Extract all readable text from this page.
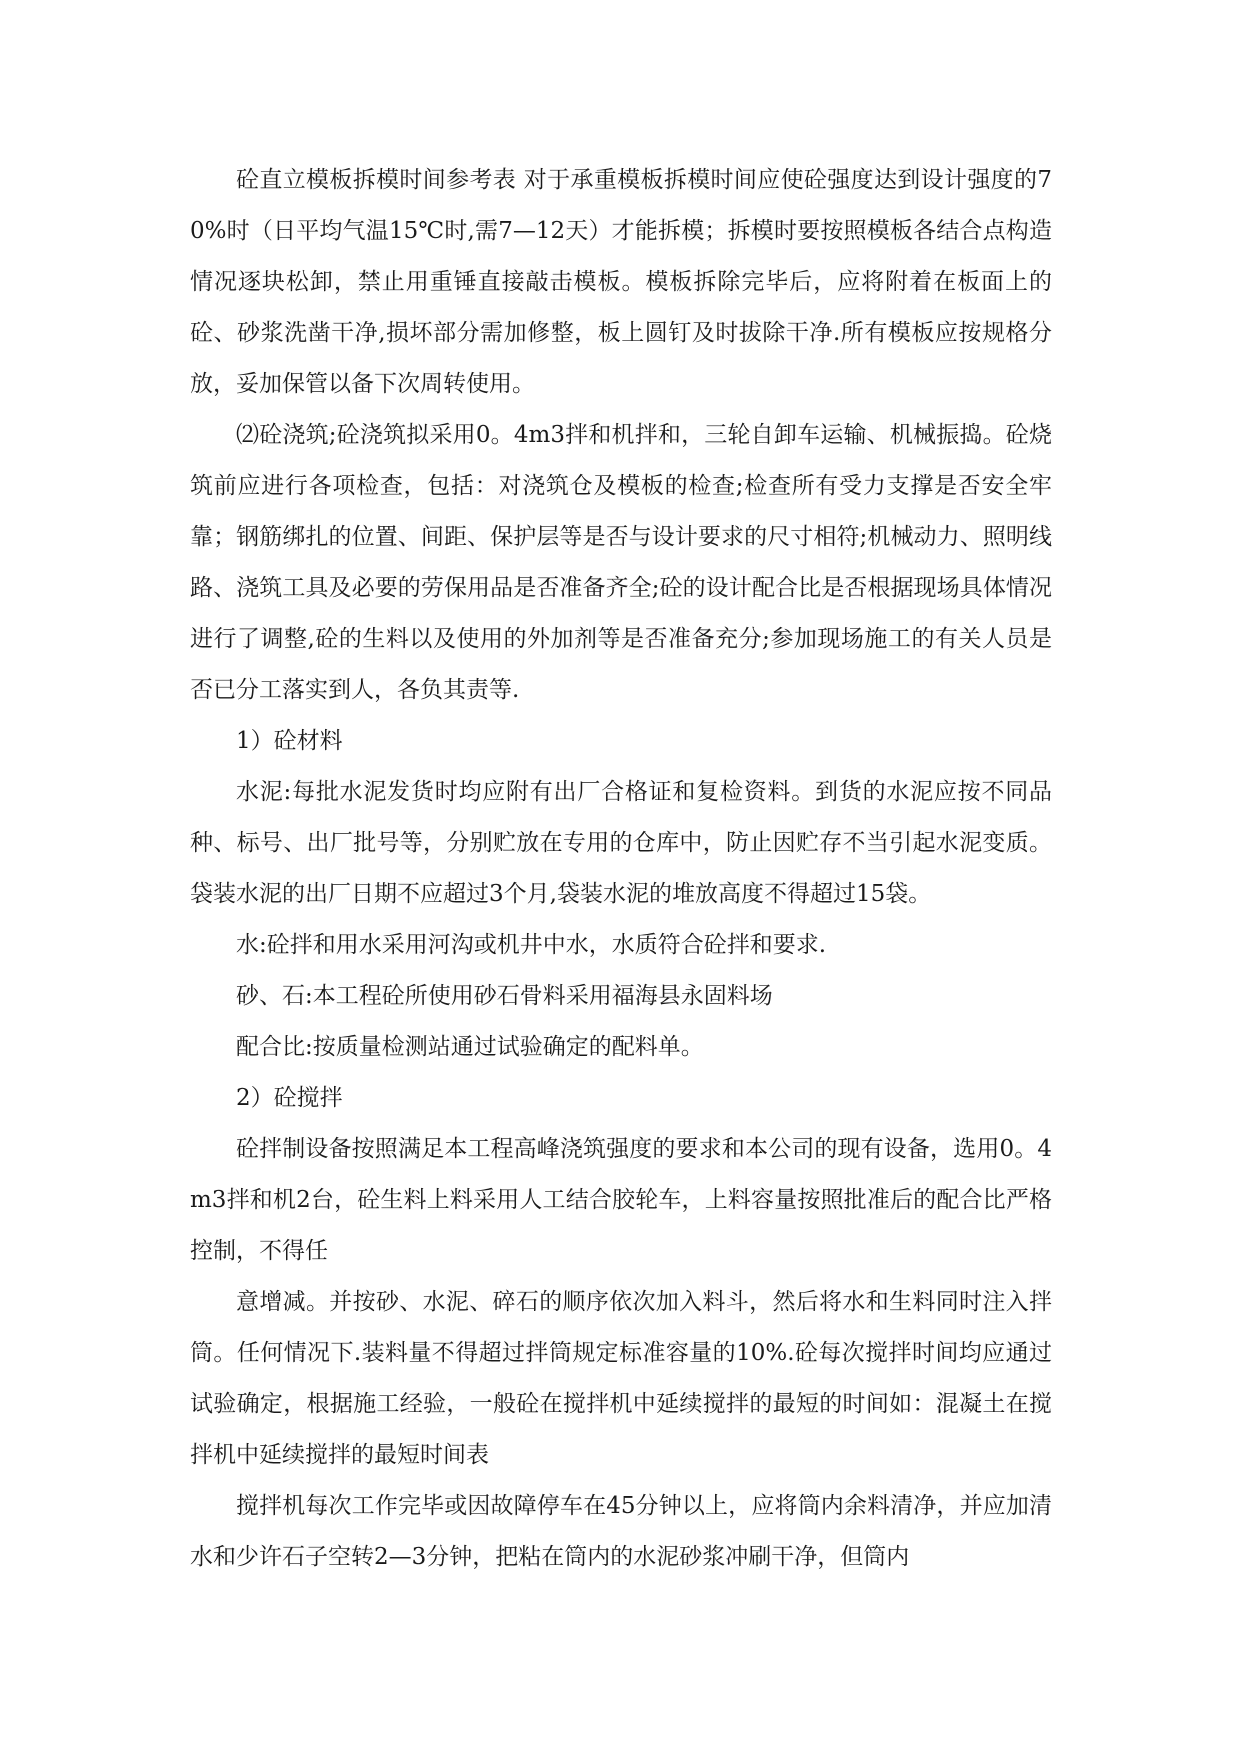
砼直立模板拆模时间参考表 对于承重模板拆模时间应使砼强度达到设计强度的70%时（日平均气温15℃时,需7—12天）才能拆模；拆模时要按照模板各结合点构造情况逐块松卸，禁止用重锤直接敲击模板。模板拆除完毕后，应将附着在板面上的砼、砂浆洗凿干净,损坏部分需加修整，板上圆钉及时拔除干净.所有模板应按规格分放，妥加保管以备下次周转使用。

⑵砼浇筑;砼浇筑拟采用0。4m3拌和机拌和，三轮自卸车运输、机械振捣。砼烧筑前应进行各项检查，包括：对浇筑仓及模板的检查;检查所有受力支撑是否安全牢靠；钢筋绑扎的位置、间距、保护层等是否与设计要求的尺寸相符;机械动力、照明线路、浇筑工具及必要的劳保用品是否准备齐全;砼的设计配合比是否根据现场具体情况进行了调整,砼的生料以及使用的外加剂等是否准备充分;参加现场施工的有关人员是否已分工落实到人，各负其责等.

1）砼材料

水泥:每批水泥发货时均应附有出厂合格证和复检资料。到货的水泥应按不同品种、标号、出厂批号等，分别贮放在专用的仓库中，防止因贮存不当引起水泥变质。袋装水泥的出厂日期不应超过3个月,袋装水泥的堆放高度不得超过15袋。

水:砼拌和用水采用河沟或机井中水，水质符合砼拌和要求.

砂、石:本工程砼所使用砂石骨料采用福海县永固料场

配合比:按质量检测站通过试验确定的配料单。

2）砼搅拌

砼拌制设备按照满足本工程高峰浇筑强度的要求和本公司的现有设备，选用0。4m3拌和机2台，砼生料上料采用人工结合胶轮车，上料容量按照批准后的配合比严格控制，不得任

意增减。并按砂、水泥、碎石的顺序依次加入料斗，然后将水和生料同时注入拌筒。任何情况下.装料量不得超过拌筒规定标准容量的10%.砼每次搅拌时间均应通过试验确定，根据施工经验，一般砼在搅拌机中延续搅拌的最短的时间如：混凝土在搅拌机中延续搅拌的最短时间表

搅拌机每次工作完毕或因故障停车在45分钟以上，应将筒内余料清净，并应加清水和少许石子空转2—3分钟，把粘在筒内的水泥砂浆冲刷干净，但筒内
